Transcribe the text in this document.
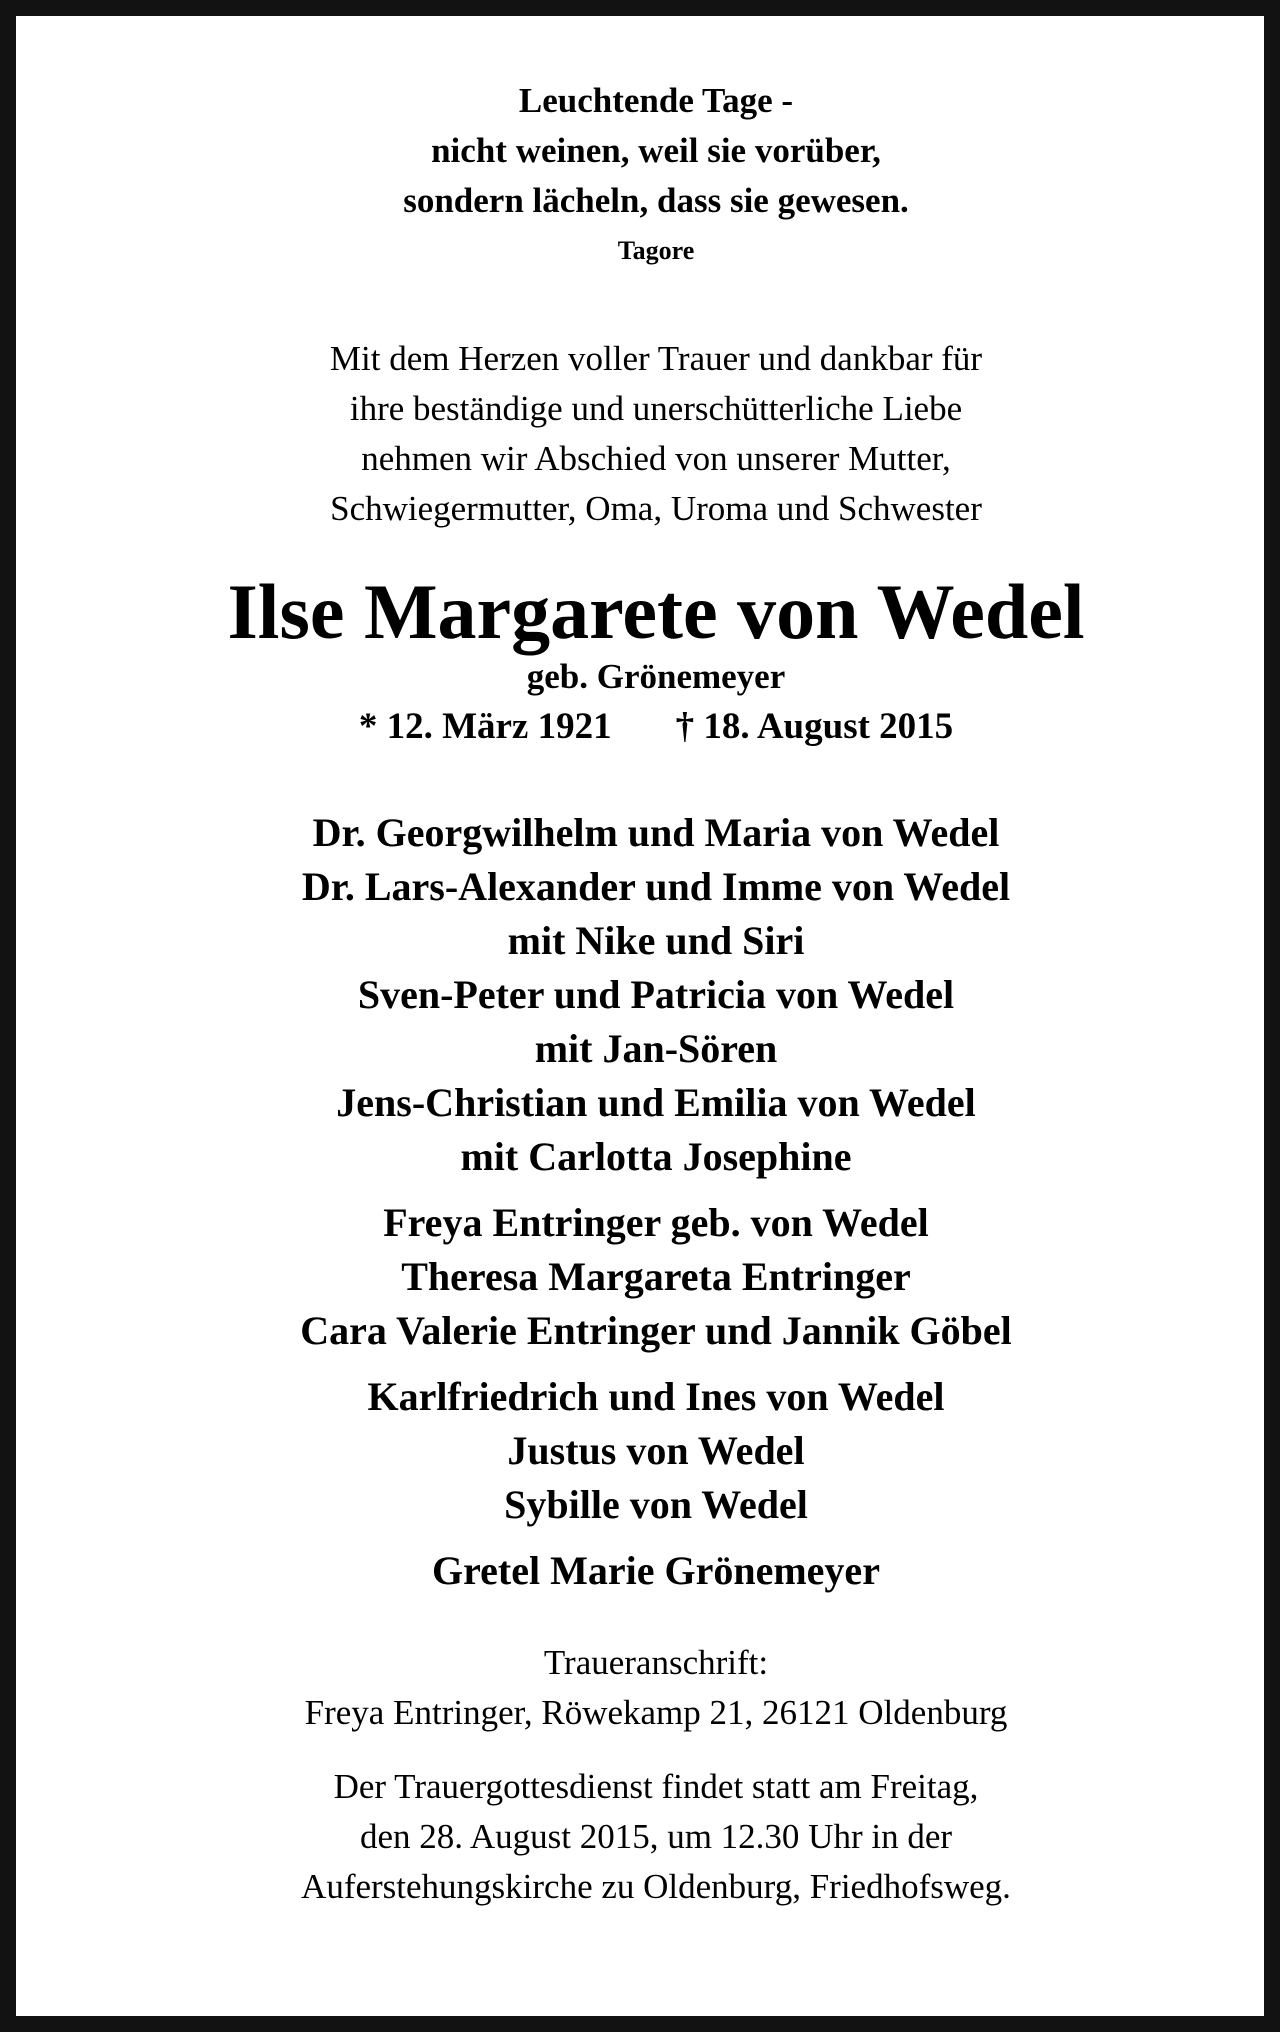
Leuchtende Tage -
nicht weinen, weil sie vorüber,
sondern lächeln, dass sie gewesen.
Tagore
Mit dem Herzen voller Trauer und dankbar für
ihre beständige und unerschütterliche Liebe
nehmen wir Abschied von unserer Mutter,
Schwiegermutter, Oma, Uroma und Schwester
Ilse Margarete von Wedel
geb. Grönemeyer
* 12. März 1921 † 18. August 2015
Dr. Georgwilhelm und Maria von Wedel
Dr. Lars-Alexander und Imme von Wedel
mit Nike und Siri
Sven-Peter und Patricia von Wedel
mit Jan-Sören
Jens-Christian und Emilia von Wedel
mit Carlotta Josephine
Freya Entringer geb. von Wedel
Theresa Margareta Entringer
Cara Valerie Entringer und Jannik Göbel
Karlfriedrich und Ines von Wedel
Justus von Wedel
Sybille von Wedel
Gretel Marie Grönemeyer
Traueranschrift:
Freya Entringer, Röwekamp 21, 26121 Oldenburg
Der Trauergottesdienst findet statt am Freitag,
den 28. August 2015, um 12.30 Uhr in der
Auferstehungskirche zu Oldenburg, Friedhofsweg.
